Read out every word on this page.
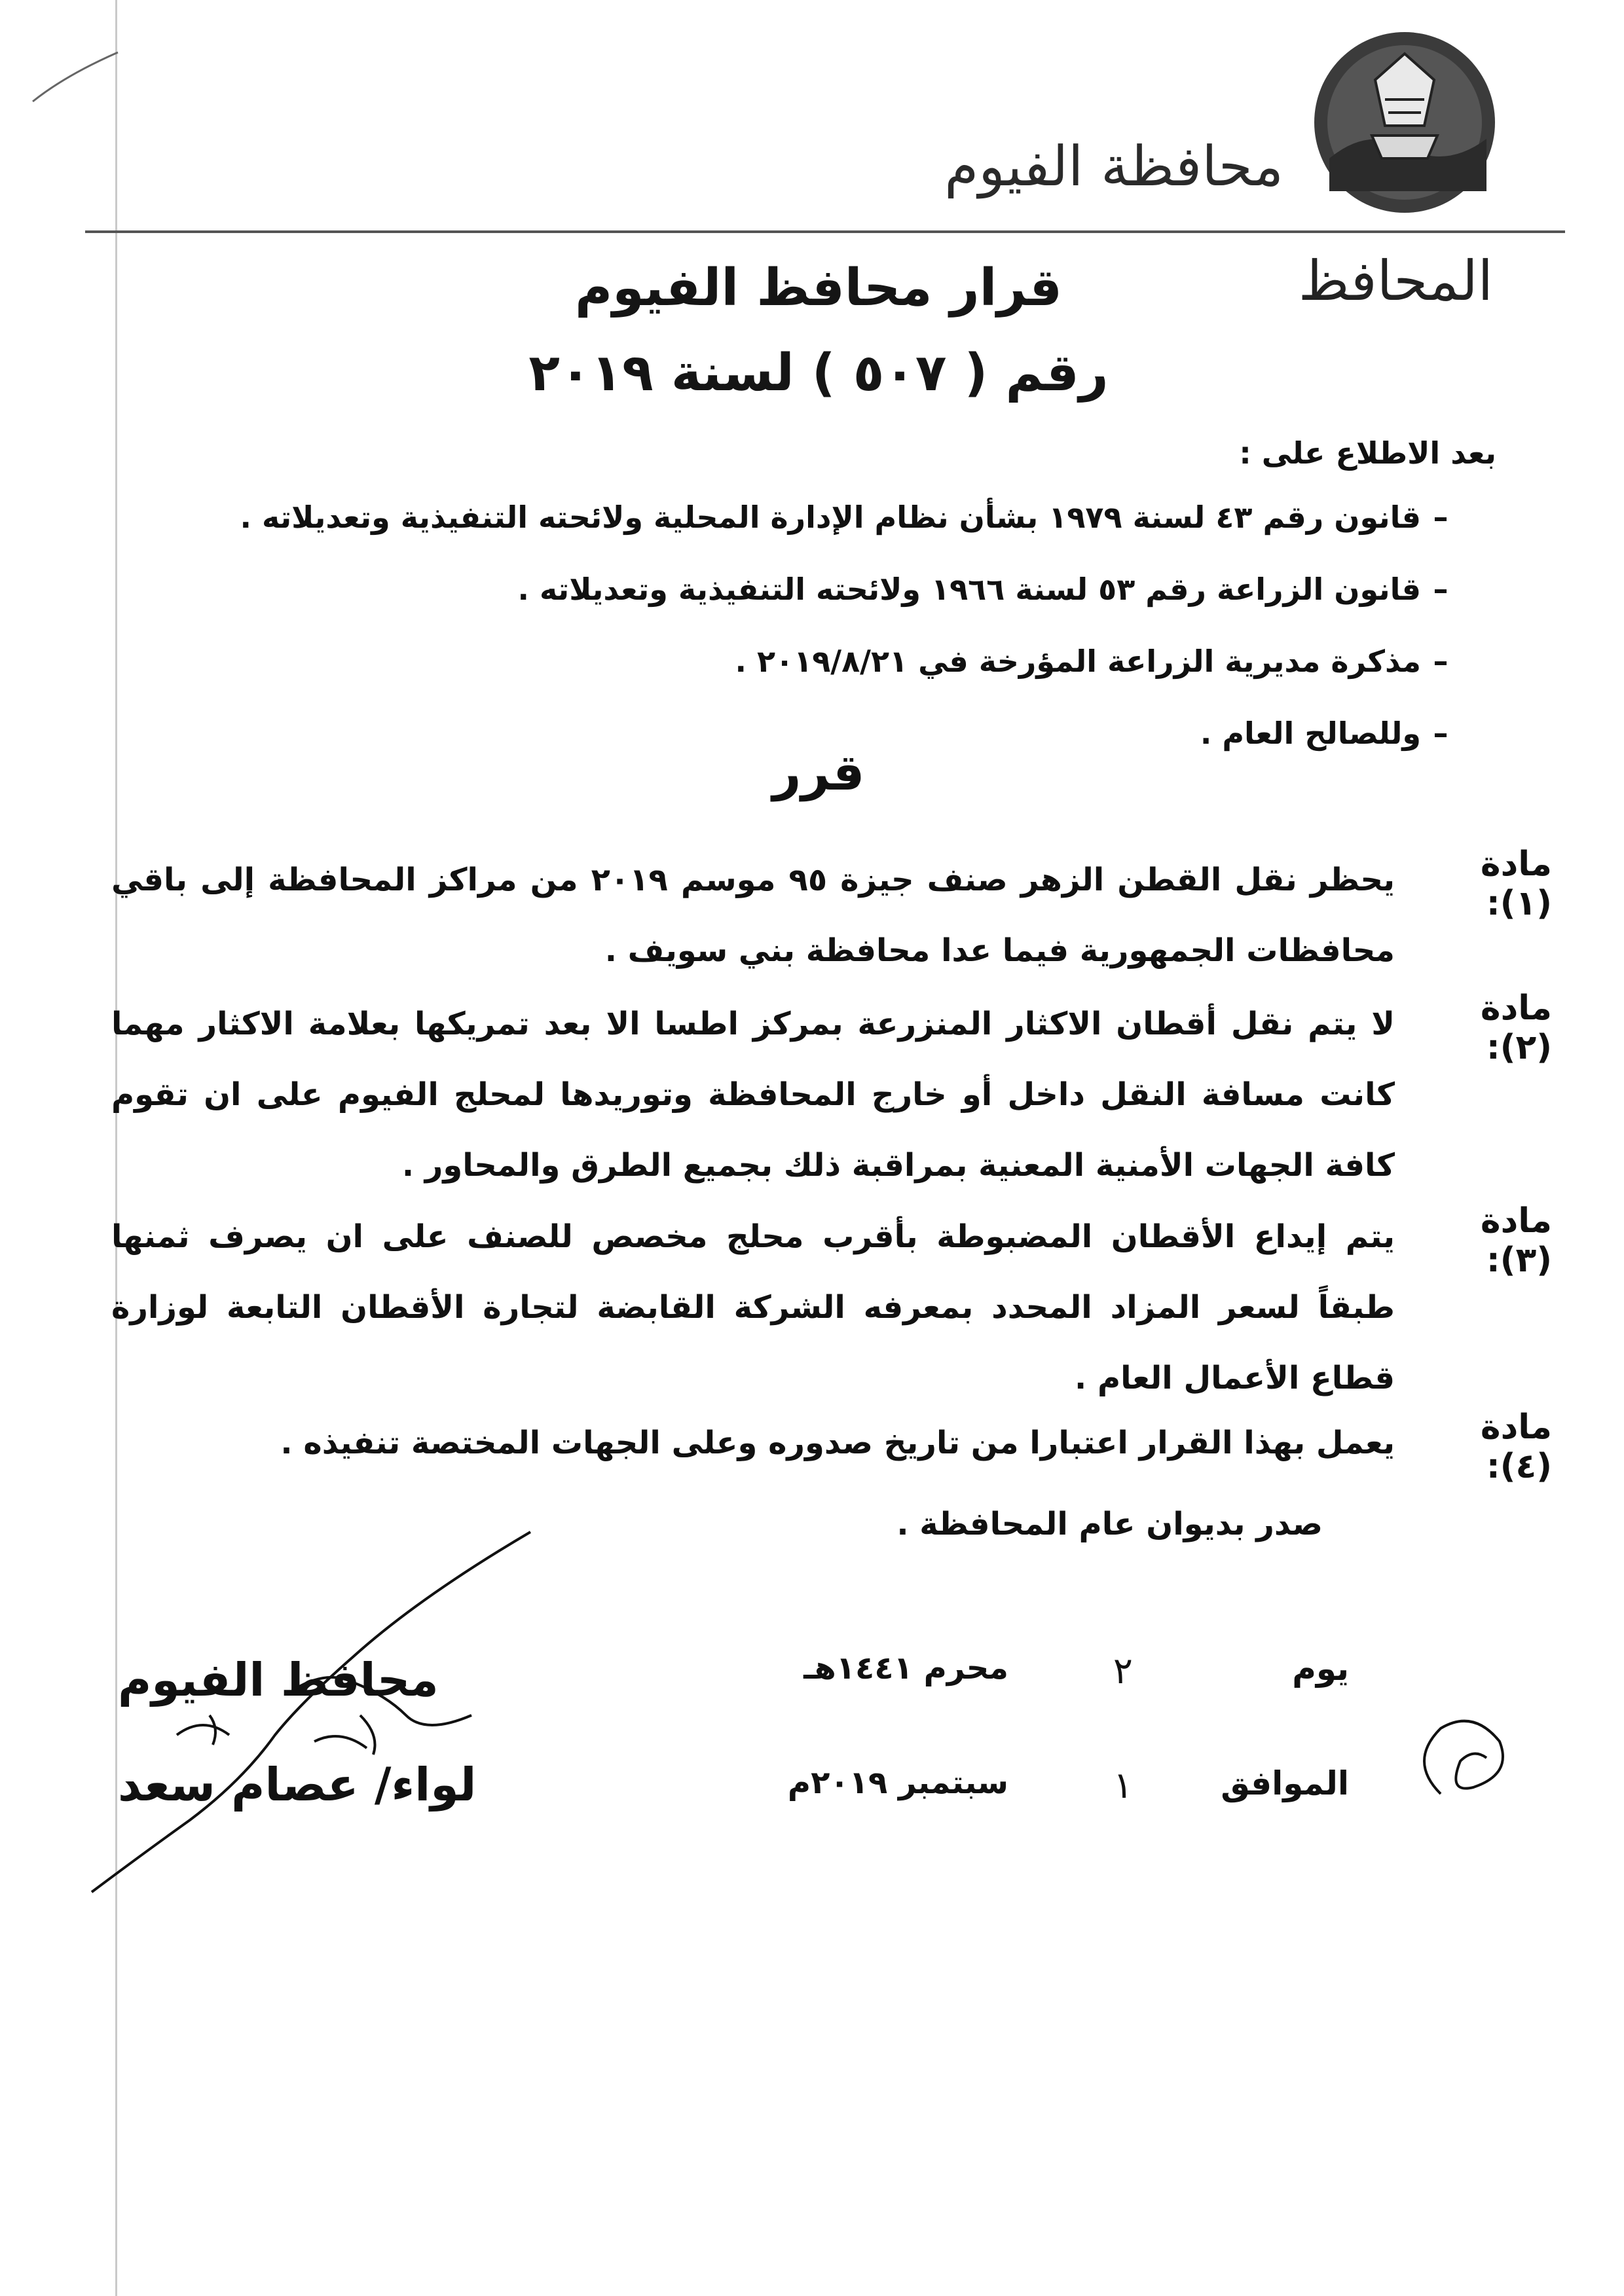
محافظة الفيوم
المحافظ
قرار محافظ الفيوم
رقم ( ٥٠٧ ) لسنة ٢٠١٩
بعد الاطلاع على :
–قانون رقم ٤٣ لسنة ١٩٧٩ بشأن نظام الإدارة المحلية ولائحته التنفيذية وتعديلاته .
–قانون الزراعة رقم ٥٣ لسنة ١٩٦٦ ولائحته التنفيذية وتعديلاته .
–مذكرة مديرية الزراعة المؤرخة في ٢٠١٩/٨/٢١ .
–وللصالح العام .
قرر
مادة (١):
يحظر نقل القطن الزهر صنف جيزة ٩٥ موسم ٢٠١٩ من مراكز المحافظة إلى باقي محافظات الجمهورية فيما عدا محافظة بني سويف .
مادة (٢):
لا يتم نقل أقطان الاكثار المنزرعة بمركز اطسا الا بعد تمريكها بعلامة الاكثار مهما كانت مسافة النقل داخل أو خارج المحافظة وتوريدها لمحلج الفيوم على ان تقوم كافة الجهات الأمنية المعنية بمراقبة ذلك بجميع الطرق والمحاور .
مادة (٣):
يتم إيداع الأقطان المضبوطة بأقرب محلج مخصص للصنف على ان يصرف ثمنها طبقاً لسعر المزاد المحدد بمعرفه الشركة القابضة لتجارة الأقطان التابعة لوزارة قطاع الأعمال العام .
مادة (٤):
يعمل بهذا القرار اعتبارا من تاريخ صدوره وعلى الجهات المختصة تنفيذه .
صدر بديوان عام المحافظة .
يوم
٢
محرم ١٤٤١هـ
الموافق
١
سبتمبر ٢٠١٩م
محافظ الفيوم
لواء/ عصام سعد
